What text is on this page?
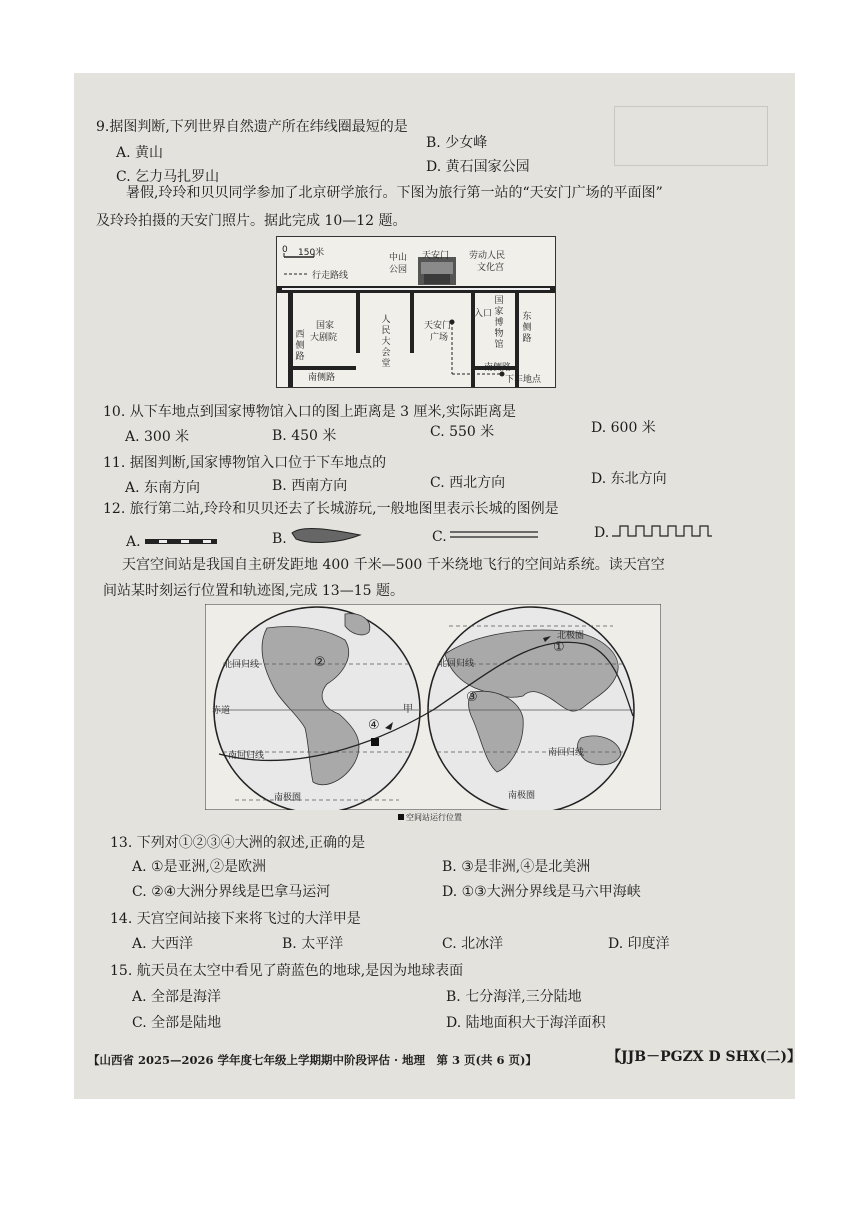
9.据图判断,下列世界自然遗产所在纬线圈最短的是
A. 黄山
B. 少女峰
C. 乞力马扎罗山
D. 黄石国家公园
暑假,玲玲和贝贝同学参加了北京研学旅行。下图为旅行第一站的“天安门广场的平面图”
及玲玲拍摄的天安门照片。据此完成 10—12 题。
0 150米
行走路线
中山
公园
天安门 劳动人民
文化宫
西侧路
国家
大剧院
人民大会堂
天安门
广场
入口
国家博物馆
东侧路
南侧路
南侧路
下车地点
10. 从下车地点到国家博物馆入口的图上距离是 3 厘米,实际距离是
A. 300 米	B. 450 米	C. 550 米	D. 600 米
11. 据图判断,国家博物馆入口位于下车地点的
A. 东南方向	B. 西南方向	C. 西北方向	D. 东北方向
12. 旅行第二站,玲玲和贝贝还去了长城游玩,一般地图里表示长城的图例是
A.	B.	C.	D.
天宫空间站是我国自主研发距地 400 千米—500 千米绕地飞行的空间站系统。读天宫空
间站某时刻运行位置和轨迹图,完成 13—15 题。
北回归线
赤道
南回归线
南极圈
北极圈
北回归线
南回归线
南极圈
①
②
③
④
甲
空间站运行位置
13. 下列对①②③④大洲的叙述,正确的是
A. ①是亚洲,②是欧洲	B. ③是非洲,④是北美洲
C. ②④大洲分界线是巴拿马运河	D. ①③大洲分界线是马六甲海峡
14. 天宫空间站接下来将飞过的大洋甲是
A. 大西洋	B. 太平洋	C. 北冰洋	D. 印度洋
15. 航天员在太空中看见了蔚蓝色的地球,是因为地球表面
A. 全部是海洋	B. 七分海洋,三分陆地
C. 全部是陆地	D. 陆地面积大于海洋面积
【山西省 2025—2026 学年度七年级上学期期中阶段评估 · 地理　第 3 页(共 6 页)】	【JJB－PGZX D SHX(二)】
